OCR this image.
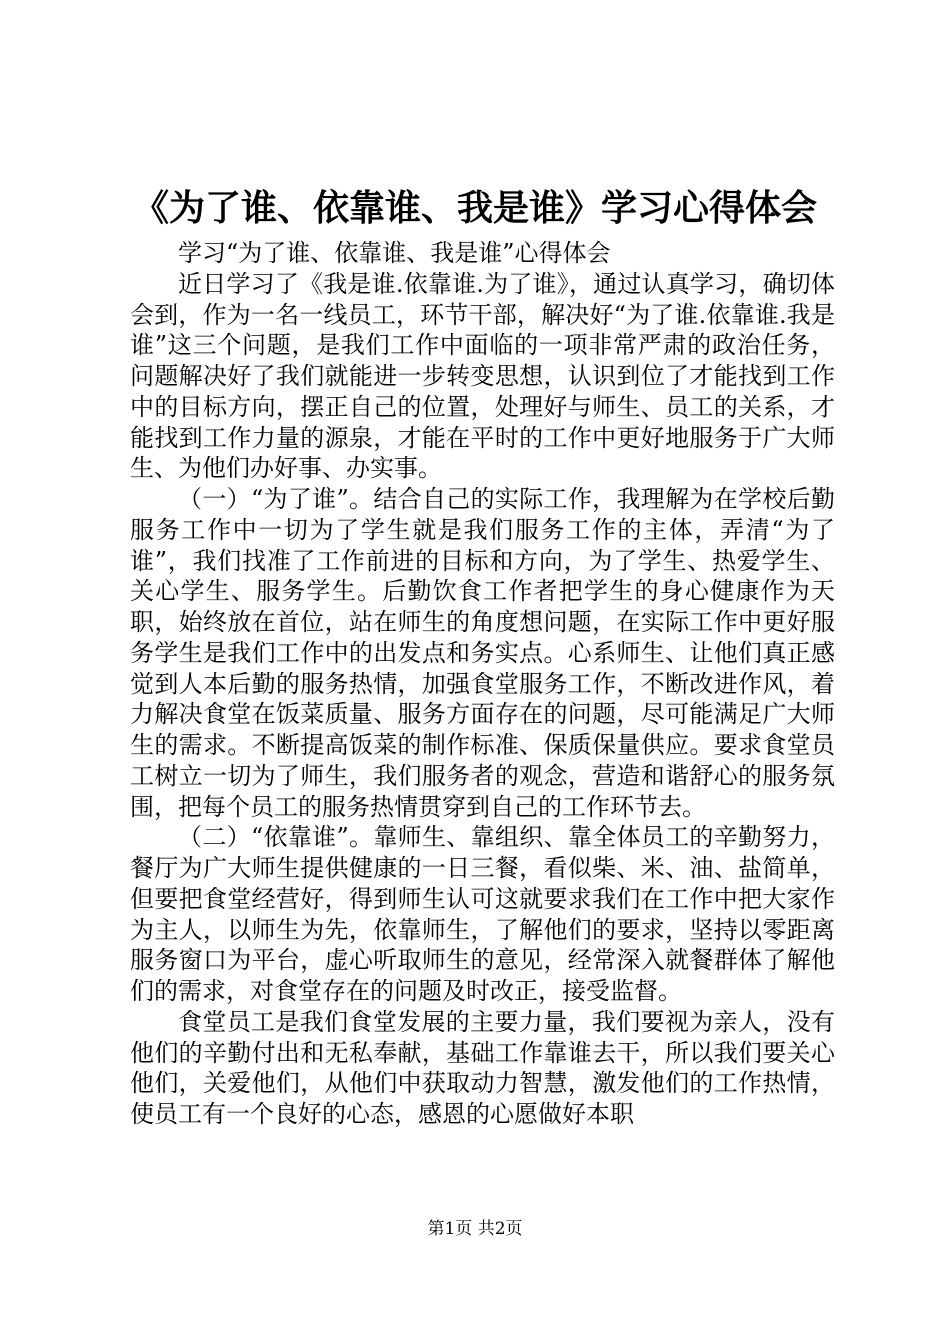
《为了谁、依靠谁、我是谁》学习心得体会

学习“为了谁、依靠谁、我是谁”心得体会

近日学习了《我是谁.依靠谁.为了谁》，通过认真学习，确切体会到，作为一名一线员工，环节干部，解决好“为了谁.依靠谁.我是谁”这三个问题，是我们工作中面临的一项非常严肃的政治任务，问题解决好了我们就能进一步转变思想，认识到位了才能找到工作中的目标方向，摆正自己的位置，处理好与师生、员工的关系，才能找到工作力量的源泉，才能在平时的工作中更好地服务于广大师生、为他们办好事、办实事。

（一）“为了谁”。结合自己的实际工作，我理解为在学校后勤服务工作中一切为了学生就是我们服务工作的主体，弄清“为了谁”，我们找准了工作前进的目标和方向，为了学生、热爱学生、关心学生、服务学生。后勤饮食工作者把学生的身心健康作为天职，始终放在首位，站在师生的角度想问题，在实际工作中更好服务学生是我们工作中的出发点和务实点。心系师生、让他们真正感觉到人本后勤的服务热情，加强食堂服务工作，不断改进作风，着力解决食堂在饭菜质量、服务方面存在的问题，尽可能满足广大师生的需求。不断提高饭菜的制作标准、保质保量供应。要求食堂员工树立一切为了师生，我们服务者的观念，营造和谐舒心的服务氛围，把每个员工的服务热情贯穿到自己的工作环节去。

（二）“依靠谁”。靠师生、靠组织、靠全体员工的辛勤努力，餐厅为广大师生提供健康的一日三餐，看似柴、米、油、盐简单，但要把食堂经营好，得到师生认可这就要求我们在工作中把大家作为主人，以师生为先，依靠师生，了解他们的要求，坚持以零距离服务窗口为平台，虚心听取师生的意见，经常深入就餐群体了解他们的需求，对食堂存在的问题及时改正，接受监督。

食堂员工是我们食堂发展的主要力量，我们要视为亲人，没有他们的辛勤付出和无私奉献，基础工作靠谁去干，所以我们要关心他们，关爱他们，从他们中获取动力智慧，激发他们的工作热情，使员工有一个良好的心态，感恩的心愿做好本职

第1页 共2页
